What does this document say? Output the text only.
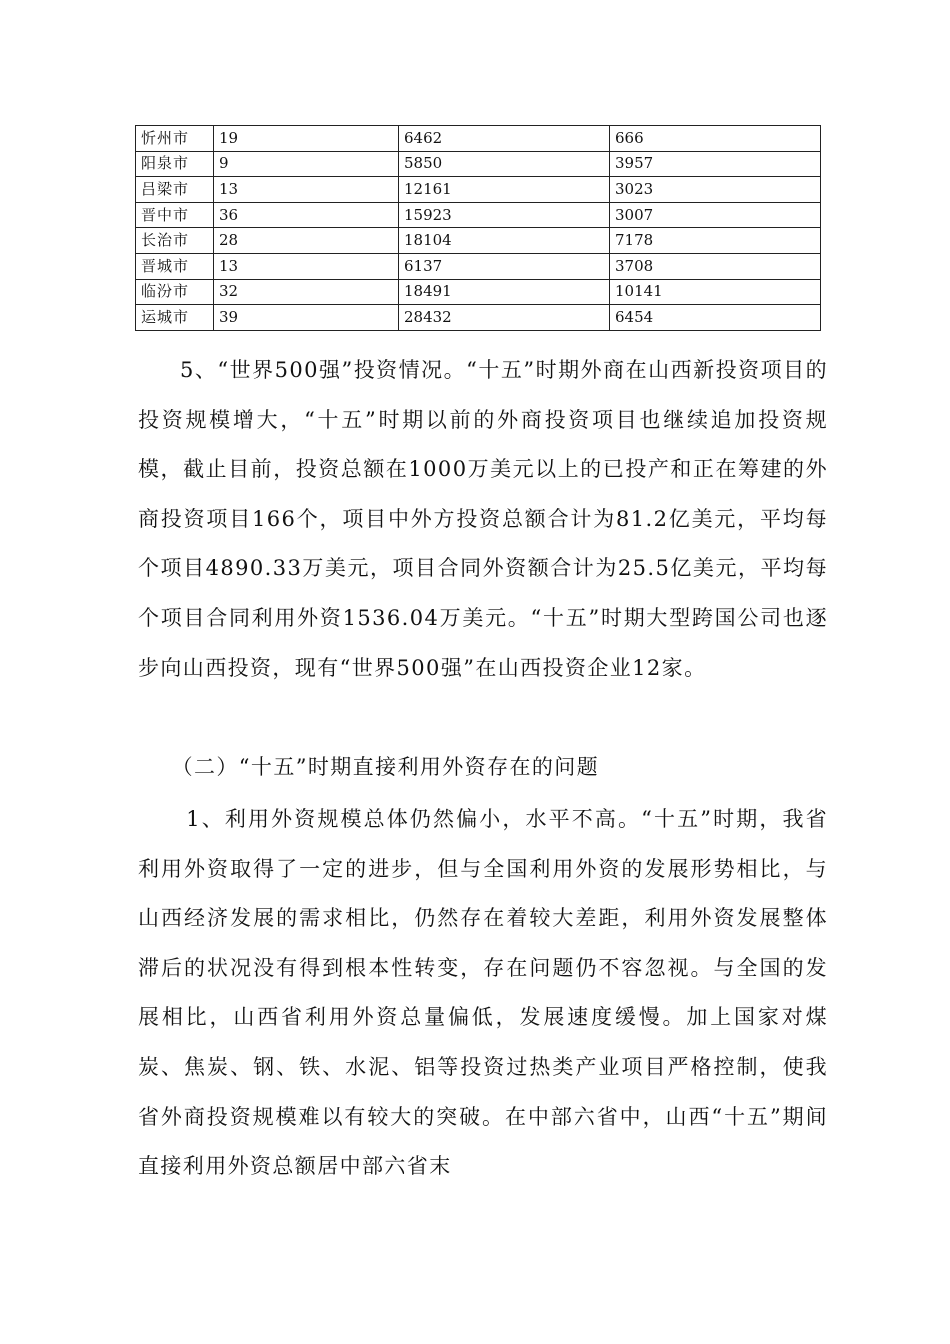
忻州市	19	6462	666
阳泉市	9	5850	3957
吕梁市	13	12161	3023
晋中市	36	15923	3007
长治市	28	18104	7178
晋城市	13	6137	3708
临汾市	32	18491	10141
运城市	39	28432	6454

5、“世界500强”投资情况。“十五”时期外商在山西新投资项目的投资规模增大，“十五”时期以前的外商投资项目也继续追加投资规模，截止目前，投资总额在1000万美元以上的已投产和正在筹建的外商投资项目166个，项目中外方投资总额合计为81.2亿美元，平均每个项目4890.33万美元，项目合同外资额合计为25.5亿美元，平均每个项目合同利用外资1536.04万美元。“十五”时期大型跨国公司也逐步向山西投资，现有“世界500强”在山西投资企业12家。

（二）“十五”时期直接利用外资存在的问题

1、利用外资规模总体仍然偏小，水平不高。“十五”时期，我省利用外资取得了一定的进步，但与全国利用外资的发展形势相比，与山西经济发展的需求相比，仍然存在着较大差距，利用外资发展整体滞后的状况没有得到根本性转变，存在问题仍不容忽视。与全国的发展相比，山西省利用外资总量偏低，发展速度缓慢。加上国家对煤炭、焦炭、钢、铁、水泥、铝等投资过热类产业项目严格控制，使我省外商投资规模难以有较大的突破。在中部六省中，山西“十五”期间直接利用外资总额居中部六省末
